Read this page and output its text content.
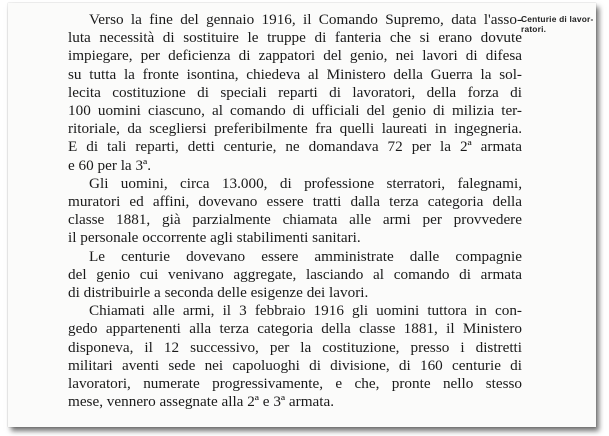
Centurie di lavor-
ratori.

Verso la fine del gennaio 1916, il Comando Supremo, data l'asso-
luta necessità di sostituire le truppe di fanteria che si erano dovute
impiegare, per deficienza di zappatori del genio, nei lavori di difesa
su tutta la fronte isontina, chiedeva al Ministero della Guerra la sol-
lecita costituzione di speciali reparti di lavoratori, della forza di
100 uomini ciascuno, al comando di ufficiali del genio di milizia ter-
ritoriale, da scegliersi preferibilmente fra quelli laureati in ingegneria.
E di tali reparti, detti centurie, ne domandava 72 per la 2ª armata
e 60 per la 3ª.

Gli uomini, circa 13.000, di professione sterratori, falegnami,
muratori ed affini, dovevano essere tratti dalla terza categoria della
classe 1881, già parzialmente chiamata alle armi per provvedere
il personale occorrente agli stabilimenti sanitari.

Le centurie dovevano essere amministrate dalle compagnie
del genio cui venivano aggregate, lasciando al comando di armata
di distribuirle a seconda delle esigenze dei lavori.

Chiamati alle armi, il 3 febbraio 1916 gli uomini tuttora in con-
gedo appartenenti alla terza categoria della classe 1881, il Ministero
disponeva, il 12 successivo, per la costituzione, presso i distretti
militari aventi sede nei capoluoghi di divisione, di 160 centurie di
lavoratori, numerate progressivamente, e che, pronte nello stesso
mese, vennero assegnate alla 2ª e 3ª armata.
